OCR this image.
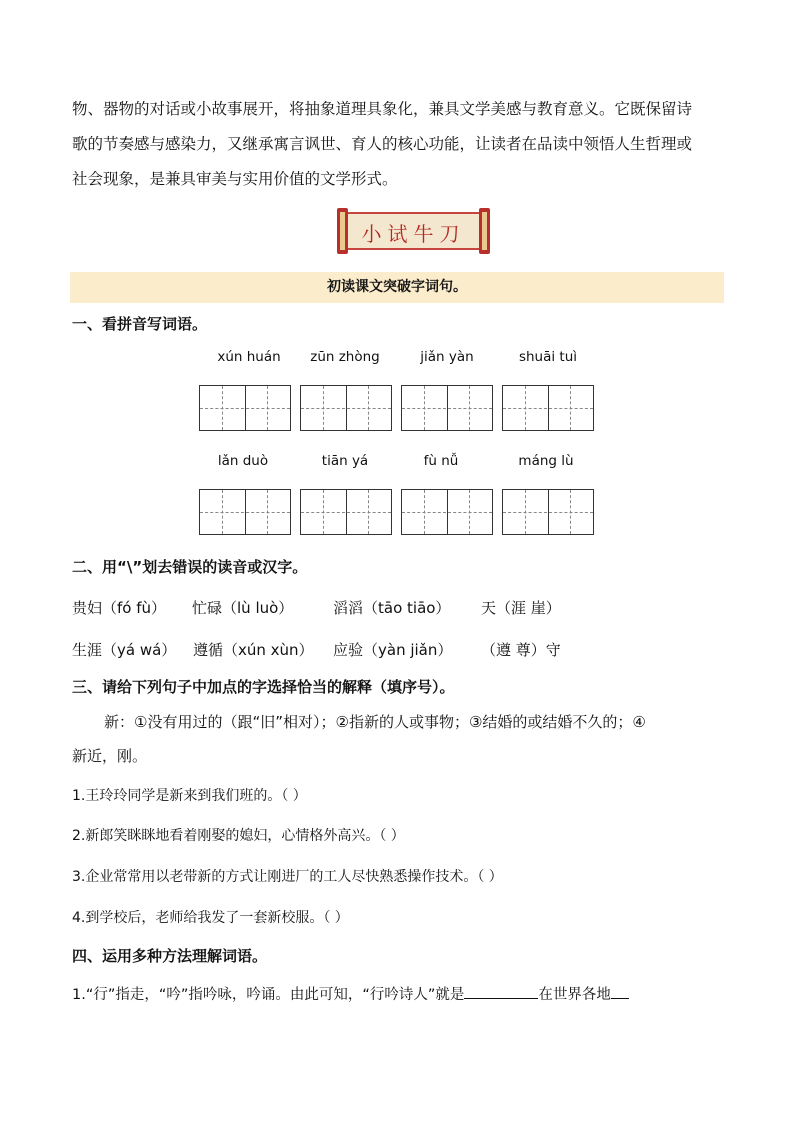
物、器物的对话或小故事展开，将抽象道理具象化，兼具文学美感与教育意义。它既保留诗
歌的节奏感与感染力，又继承寓言讽世、育人的核心功能，让读者在品读中领悟人生哲理或
社会现象，是兼具审美与实用价值的文学形式。
小试牛刀
初读课文突破字词句。
一、看拼音写词语。
xún huán	zūn zhòng	jiǎn yàn	shuāi tuì
lǎn duò	tiān yá	fù nǚ	máng lù
二、用“\”划去错误的读音或汉字。
贵妇（fó fù） 忙碌（lù luò）	滔滔（tāo tiāo） 天（涯 崖）
生涯（yá wá） 遵循（xún xùn） 应验（yàn jiǎn） （遵 尊）守
三、请给下列句子中加点的字选择恰当的解释（填序号）。
新：①没有用过的（跟“旧”相对）；②指新的人或事物；③结婚的或结婚不久的；④
新近，刚。
1.王玲玲同学是新来到我们班的。（ ）
2.新郎笑眯眯地看着刚娶的媳妇，心情格外高兴。（ ）
3.企业常常用以老带新的方式让刚进厂的工人尽快熟悉操作技术。（ ）
4.到学校后，老师给我发了一套新校服。（ ）
四、运用多种方法理解词语。
1.“行”指走，“吟”指吟咏，吟诵。由此可知，“行吟诗人”就是	在世界各地
